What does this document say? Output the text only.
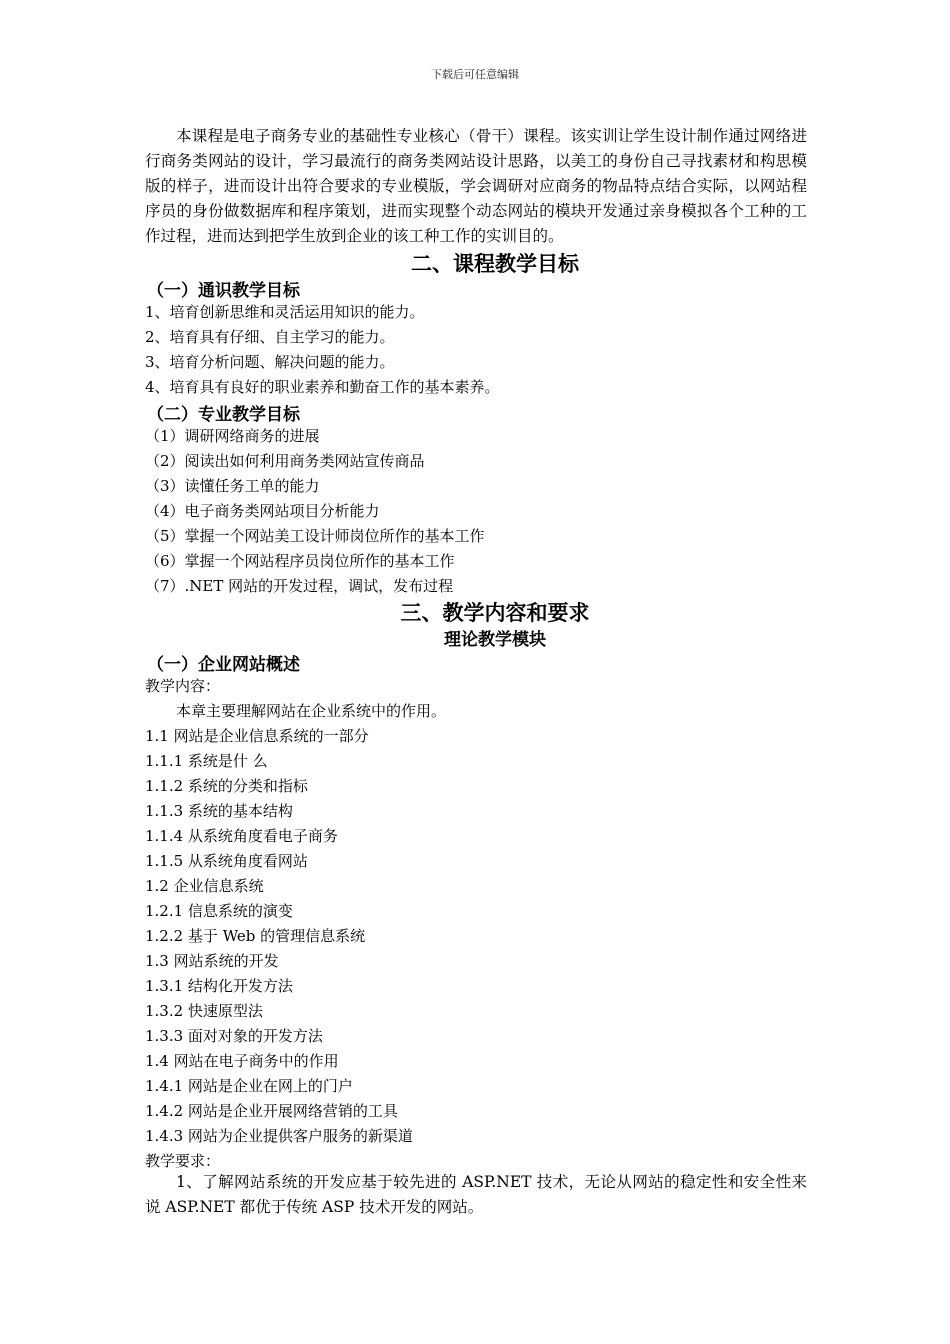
下载后可任意编辑
本课程是电子商务专业的基础性专业核心（骨干）课程。该实训让学生设计制作通过网络进行商务类网站的设计，学习最流行的商务类网站设计思路，以美工的身份自己寻找素材和构思模版的样子，进而设计出符合要求的专业模版，学会调研对应商务的物品特点结合实际，以网站程序员的身份做数据库和程序策划，进而实现整个动态网站的模块开发通过亲身模拟各个工种的工作过程，进而达到把学生放到企业的该工种工作的实训目的。
二、课程教学目标
（一）通识教学目标
1、培育创新思维和灵活运用知识的能力。
2、培育具有仔细、自主学习的能力。
3、培育分析问题、解决问题的能力。
4、培育具有良好的职业素养和勤奋工作的基本素养。
（二）专业教学目标
（1）调研网络商务的进展
（2）阅读出如何利用商务类网站宣传商品
（3）读懂任务工单的能力
（4）电子商务类网站项目分析能力
（5）掌握一个网站美工设计师岗位所作的基本工作
（6）掌握一个网站程序员岗位所作的基本工作
（7）.NET 网站的开发过程，调试，发布过程
三、教学内容和要求
理论教学模块
（一）企业网站概述
教学内容：
本章主要理解网站在企业系统中的作用。
1.1 网站是企业信息系统的一部分
1.1.1 系统是什 么
1.1.2 系统的分类和指标
1.1.3 系统的基本结构
1.1.4 从系统角度看电子商务
1.1.5 从系统角度看网站
1.2 企业信息系统
1.2.1 信息系统的演变
1.2.2 基于 Web 的管理信息系统
1.3 网站系统的开发
1.3.1 结构化开发方法
1.3.2 快速原型法
1.3.3 面对对象的开发方法
1.4 网站在电子商务中的作用
1.4.1 网站是企业在网上的门户
1.4.2 网站是企业开展网络营销的工具
1.4.3 网站为企业提供客户服务的新渠道
教学要求：
1、了解网站系统的开发应基于较先进的 ASP.NET 技术，无论从网站的稳定性和安全性来说 ASP.NET 都优于传统 ASP 技术开发的网站。
